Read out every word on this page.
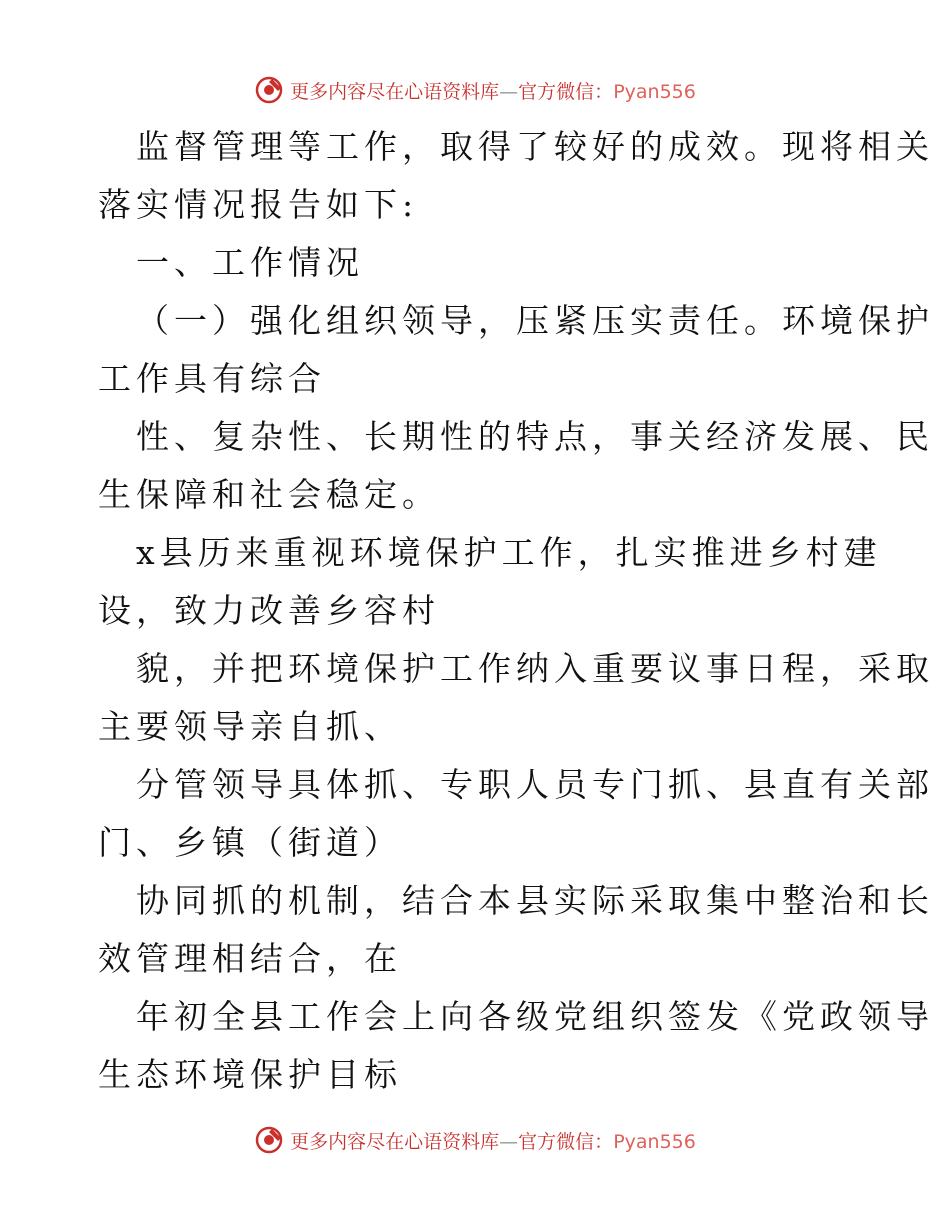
更多内容尽在心语资料库—官方微信：Pyan556
监督管理等工作，取得了较好的成效。现将相关
落实情况报告如下:
一、工作情况
（一）强化组织领导，压紧压实责任。环境保护
工作具有综合
性、复杂性、长期性的特点，事关经济发展、民
生保障和社会稳定。
x县历来重视环境保护工作，扎实推进乡村建
设，致力改善乡容村
貌，并把环境保护工作纳入重要议事日程，采取
主要领导亲自抓、
分管领导具体抓、专职人员专门抓、县直有关部
门、乡镇（街道）
协同抓的机制，结合本县实际采取集中整治和长
效管理相结合，在
年初全县工作会上向各级党组织签发《党政领导
生态环境保护目标
更多内容尽在心语资料库—官方微信：Pyan556
